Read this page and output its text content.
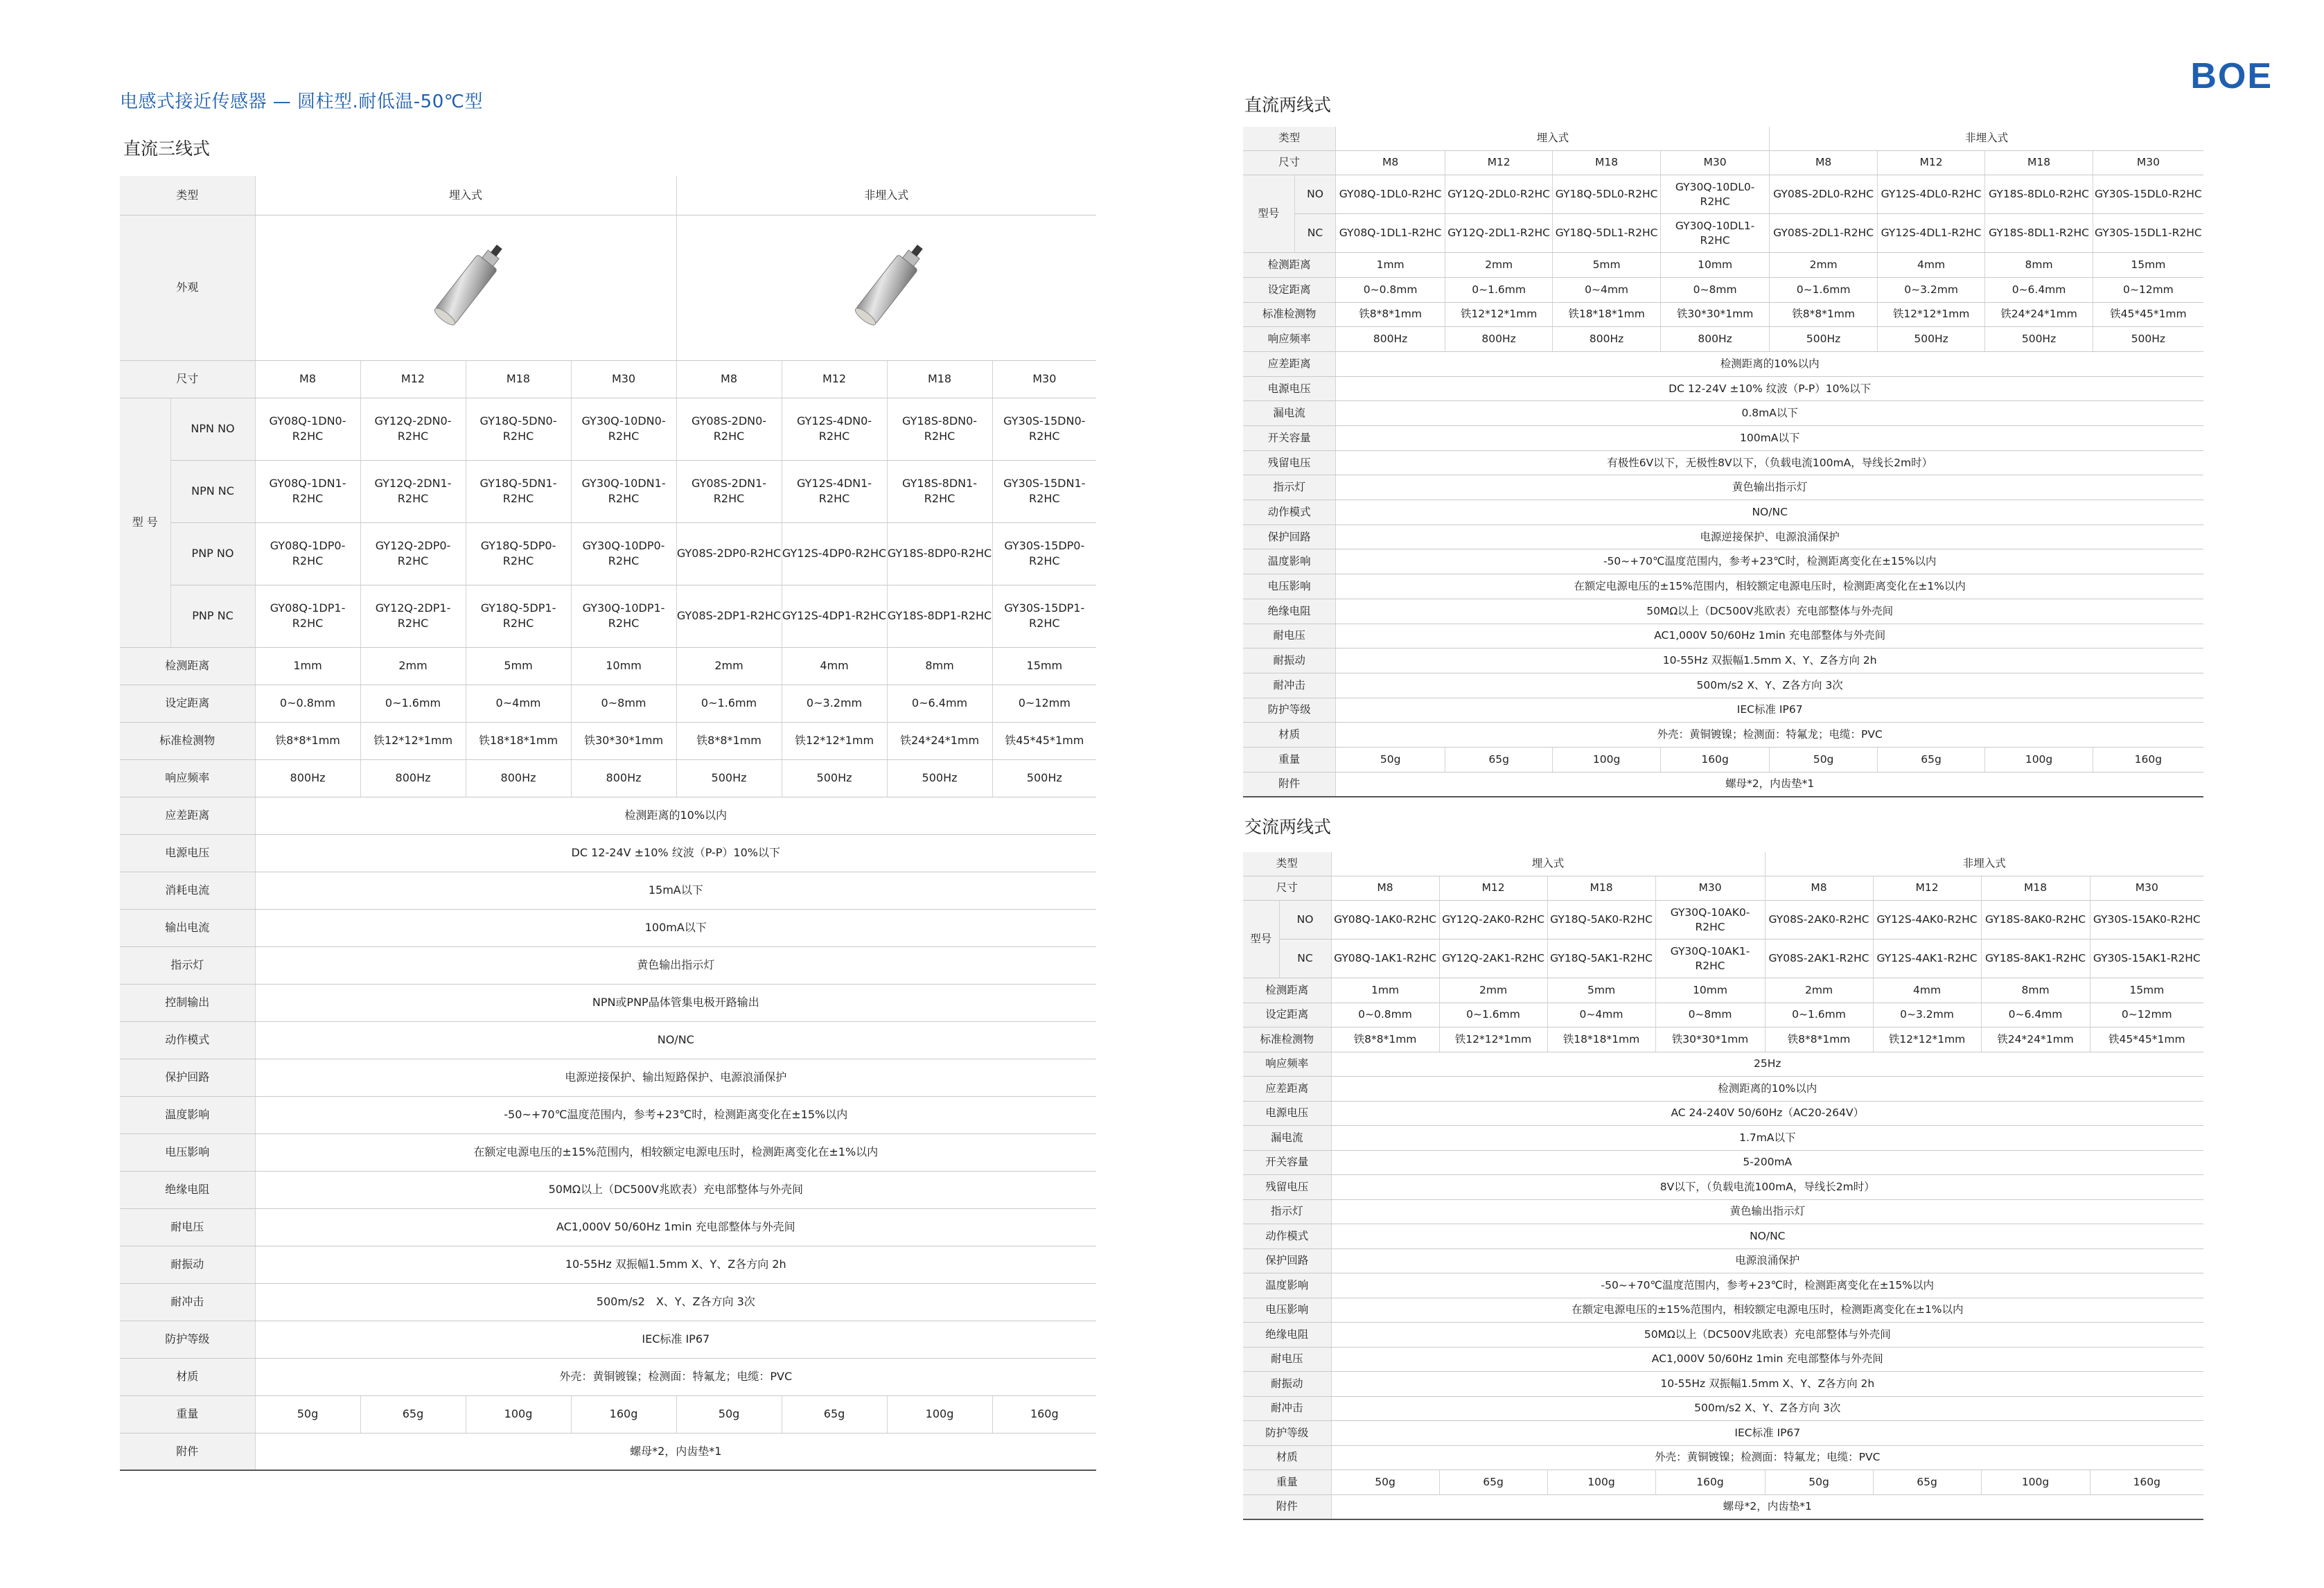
电感式接近传感器 — 圆柱型.耐低温-50℃型
BOE
直流三线式
直流两线式
交流两线式
类型		埋入式				非埋入式			
外观		
尺寸		M8	M12	M18	M30	M8	M12	M18	M30
型 号	NPN NO	GY08Q-1DN0-R2HC	GY12Q-2DN0-R2HC	GY18Q-5DN0-R2HC	GY30Q-10DN0-R2HC	GY08S-2DN0-R2HC	GY12S-4DN0-R2HC	GY18S-8DN0-R2HC	GY30S-15DN0-R2HC
	NPN NC	GY08Q-1DN1-R2HC	GY12Q-2DN1-R2HC	GY18Q-5DN1-R2HC	GY30Q-10DN1-R2HC	GY08S-2DN1-R2HC	GY12S-4DN1-R2HC	GY18S-8DN1-R2HC	GY30S-15DN1-R2HC
	PNP NO	GY08Q-1DP0-R2HC	GY12Q-2DP0-R2HC	GY18Q-5DP0-R2HC	GY30Q-10DP0-R2HC	GY08S-2DP0-R2HC	GY12S-4DP0-R2HC	GY18S-8DP0-R2HC	GY30S-15DP0-R2HC
	PNP NC	GY08Q-1DP1-R2HC	GY12Q-2DP1-R2HC	GY18Q-5DP1-R2HC	GY30Q-10DP1-R2HC	GY08S-2DP1-R2HC	GY12S-4DP1-R2HC	GY18S-8DP1-R2HC	GY30S-15DP1-R2HC
检测距离		1mm	2mm	5mm	10mm	2mm	4mm	8mm	15mm
设定距离		0~0.8mm	0~1.6mm	0~4mm	0~8mm	0~1.6mm	0~3.2mm	0~6.4mm	0~12mm
标准检测物		铁8*8*1mm	铁12*12*1mm	铁18*18*1mm	铁30*30*1mm	铁8*8*1mm	铁12*12*1mm	铁24*24*1mm	铁45*45*1mm
响应频率		800Hz	800Hz	800Hz	800Hz	500Hz	500Hz	500Hz	500Hz
应差距离		检测距离的10%以内							
电源电压		DC 12-24V ±10% 纹波（P-P）10%以下							
消耗电流		15mA以下							
输出电流		100mA以下							
指示灯		黄色输出指示灯							
控制输出		NPN或PNP晶体管集电极开路输出							
动作模式		NO/NC							
保护回路		电源逆接保护、输出短路保护、电源浪涌保护							
温度影响		-50~+70℃温度范围内，参考+23℃时，检测距离变化在±15%以内							
电压影响		在额定电源电压的±15%范围内，相较额定电源电压时，检测距离变化在±1%以内							
绝缘电阻		50MΩ以上（DC500V兆欧表）充电部整体与外壳间							
耐电压		AC1,000V 50/60Hz 1min 充电部整体与外壳间							
耐振动		10-55Hz 双振幅1.5mm X、Y、Z各方向 2h							
耐冲击		500m/s2　X、Y、Z各方向 3次							
防护等级		IEC标准 IP67							
材质		外壳：黄铜镀镍；检测面：特氟龙；电缆：PVC							
重量		50g	65g	100g	160g	50g	65g	100g	160g
附件		螺母*2，内齿垫*1							
类型		埋入式				非埋入式			
尺寸		M8	M12	M18	M30	M8	M12	M18	M30
型号	NO	GY08Q-1DL0-R2HC	GY12Q-2DL0-R2HC	GY18Q-5DL0-R2HC	GY30Q-10DL0-R2HC	GY08S-2DL0-R2HC	GY12S-4DL0-R2HC	GY18S-8DL0-R2HC	GY30S-15DL0-R2HC
	NC	GY08Q-1DL1-R2HC	GY12Q-2DL1-R2HC	GY18Q-5DL1-R2HC	GY30Q-10DL1-R2HC	GY08S-2DL1-R2HC	GY12S-4DL1-R2HC	GY18S-8DL1-R2HC	GY30S-15DL1-R2HC
检测距离		1mm	2mm	5mm	10mm	2mm	4mm	8mm	15mm
设定距离		0~0.8mm	0~1.6mm	0~4mm	0~8mm	0~1.6mm	0~3.2mm	0~6.4mm	0~12mm
标准检测物		铁8*8*1mm	铁12*12*1mm	铁18*18*1mm	铁30*30*1mm	铁8*8*1mm	铁12*12*1mm	铁24*24*1mm	铁45*45*1mm
响应频率		800Hz	800Hz	800Hz	800Hz	500Hz	500Hz	500Hz	500Hz
应差距离		检测距离的10%以内							
电源电压		DC 12-24V ±10% 纹波（P-P）10%以下							
漏电流		0.8mA以下							
开关容量		100mA以下							
残留电压		有极性6V以下，无极性8V以下，（负载电流100mA，导线长2m时）							
指示灯		黄色输出指示灯							
动作模式		NO/NC							
保护回路		电源逆接保护、电源浪涌保护							
温度影响		-50~+70℃温度范围内，参考+23℃时，检测距离变化在±15%以内							
电压影响		在额定电源电压的±15%范围内，相较额定电源电压时，检测距离变化在±1%以内							
绝缘电阻		50MΩ以上（DC500V兆欧表）充电部整体与外壳间							
耐电压		AC1,000V 50/60Hz 1min 充电部整体与外壳间							
耐振动		10-55Hz 双振幅1.5mm X、Y、Z各方向 2h							
耐冲击		500m/s2 X、Y、Z各方向 3次							
防护等级		IEC标准 IP67							
材质		外壳：黄铜镀镍；检测面：特氟龙；电缆：PVC							
重量		50g	65g	100g	160g	50g	65g	100g	160g
附件		螺母*2，内齿垫*1							
类型		埋入式				非埋入式			
尺寸		M8	M12	M18	M30	M8	M12	M18	M30
型号	NO	GY08Q-1AK0-R2HC	GY12Q-2AK0-R2HC	GY18Q-5AK0-R2HC	GY30Q-10AK0-R2HC	GY08S-2AK0-R2HC	GY12S-4AK0-R2HC	GY18S-8AK0-R2HC	GY30S-15AK0-R2HC
	NC	GY08Q-1AK1-R2HC	GY12Q-2AK1-R2HC	GY18Q-5AK1-R2HC	GY30Q-10AK1-R2HC	GY08S-2AK1-R2HC	GY12S-4AK1-R2HC	GY18S-8AK1-R2HC	GY30S-15AK1-R2HC
检测距离		1mm	2mm	5mm	10mm	2mm	4mm	8mm	15mm
设定距离		0~0.8mm	0~1.6mm	0~4mm	0~8mm	0~1.6mm	0~3.2mm	0~6.4mm	0~12mm
标准检测物		铁8*8*1mm	铁12*12*1mm	铁18*18*1mm	铁30*30*1mm	铁8*8*1mm	铁12*12*1mm	铁24*24*1mm	铁45*45*1mm
响应频率		25Hz							
应差距离		检测距离的10%以内							
电源电压		AC 24-240V 50/60Hz（AC20-264V）							
漏电流		1.7mA以下							
开关容量		5-200mA							
残留电压		8V以下，（负载电流100mA，导线长2m时）							
指示灯		黄色输出指示灯							
动作模式		NO/NC							
保护回路		电源浪涌保护							
温度影响		-50~+70℃温度范围内，参考+23℃时，检测距离变化在±15%以内							
电压影响		在额定电源电压的±15%范围内，相较额定电源电压时，检测距离变化在±1%以内							
绝缘电阻		50MΩ以上（DC500V兆欧表）充电部整体与外壳间							
耐电压		AC1,000V 50/60Hz 1min 充电部整体与外壳间							
耐振动		10-55Hz 双振幅1.5mm X、Y、Z各方向 2h							
耐冲击		500m/s2 X、Y、Z各方向 3次							
防护等级		IEC标准 IP67							
材质		外壳：黄铜镀镍；检测面：特氟龙；电缆：PVC							
重量		50g	65g	100g	160g	50g	65g	100g	160g
附件		螺母*2，内齿垫*1							
